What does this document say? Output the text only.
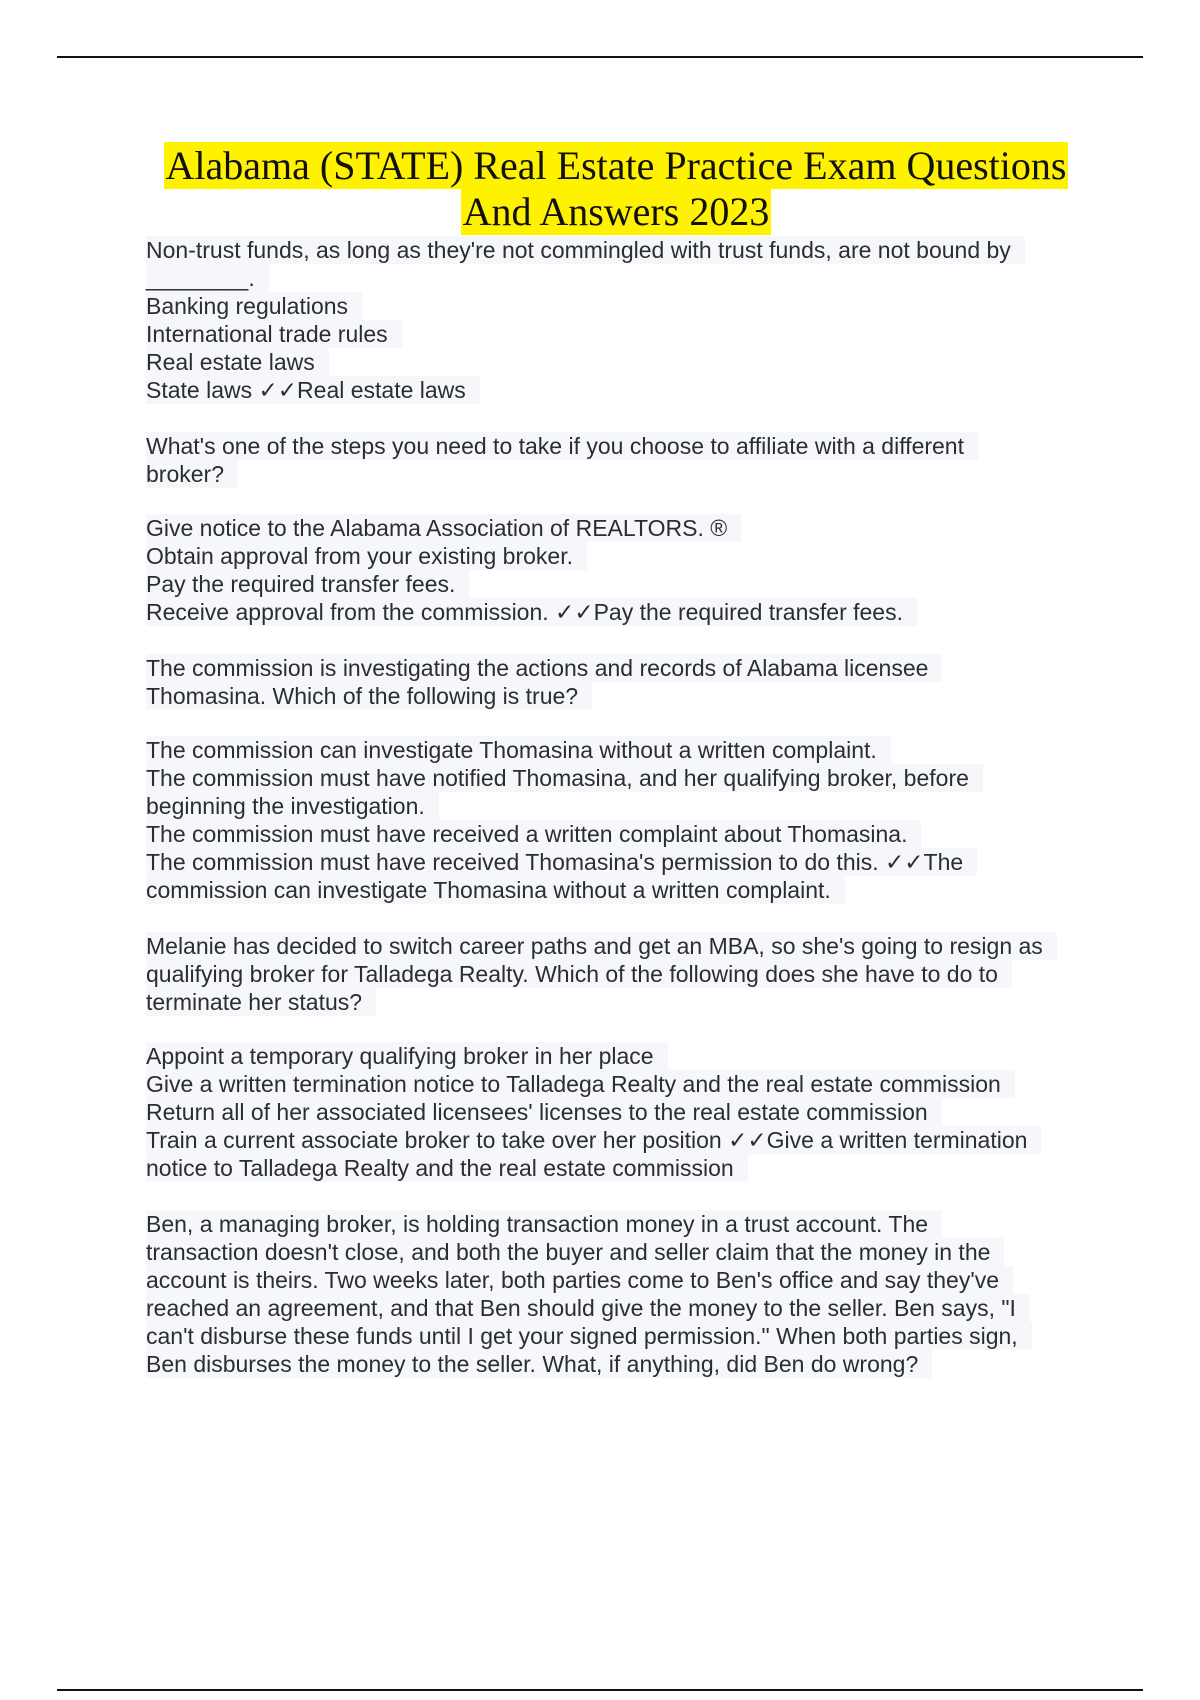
Alabama (STATE) Real Estate Practice Exam Questions
And Answers 2023
Non-trust funds, as long as they're not commingled with trust funds, are not bound by
________.
Banking regulations
International trade rules
Real estate laws
State laws ✓✓Real estate laws
What's one of the steps you need to take if you choose to affiliate with a different
broker?
Give notice to the Alabama Association of REALTORS. ®
Obtain approval from your existing broker.
Pay the required transfer fees.
Receive approval from the commission. ✓✓Pay the required transfer fees.
The commission is investigating the actions and records of Alabama licensee
Thomasina. Which of the following is true?
The commission can investigate Thomasina without a written complaint.
The commission must have notified Thomasina, and her qualifying broker, before
beginning the investigation.
The commission must have received a written complaint about Thomasina.
The commission must have received Thomasina's permission to do this. ✓✓The
commission can investigate Thomasina without a written complaint.
Melanie has decided to switch career paths and get an MBA, so she's going to resign as
qualifying broker for Talladega Realty. Which of the following does she have to do to
terminate her status?
Appoint a temporary qualifying broker in her place
Give a written termination notice to Talladega Realty and the real estate commission
Return all of her associated licensees' licenses to the real estate commission
Train a current associate broker to take over her position ✓✓Give a written termination
notice to Talladega Realty and the real estate commission
Ben, a managing broker, is holding transaction money in a trust account. The
transaction doesn't close, and both the buyer and seller claim that the money in the
account is theirs. Two weeks later, both parties come to Ben's office and say they've
reached an agreement, and that Ben should give the money to the seller. Ben says, "I
can't disburse these funds until I get your signed permission." When both parties sign,
Ben disburses the money to the seller. What, if anything, did Ben do wrong?
